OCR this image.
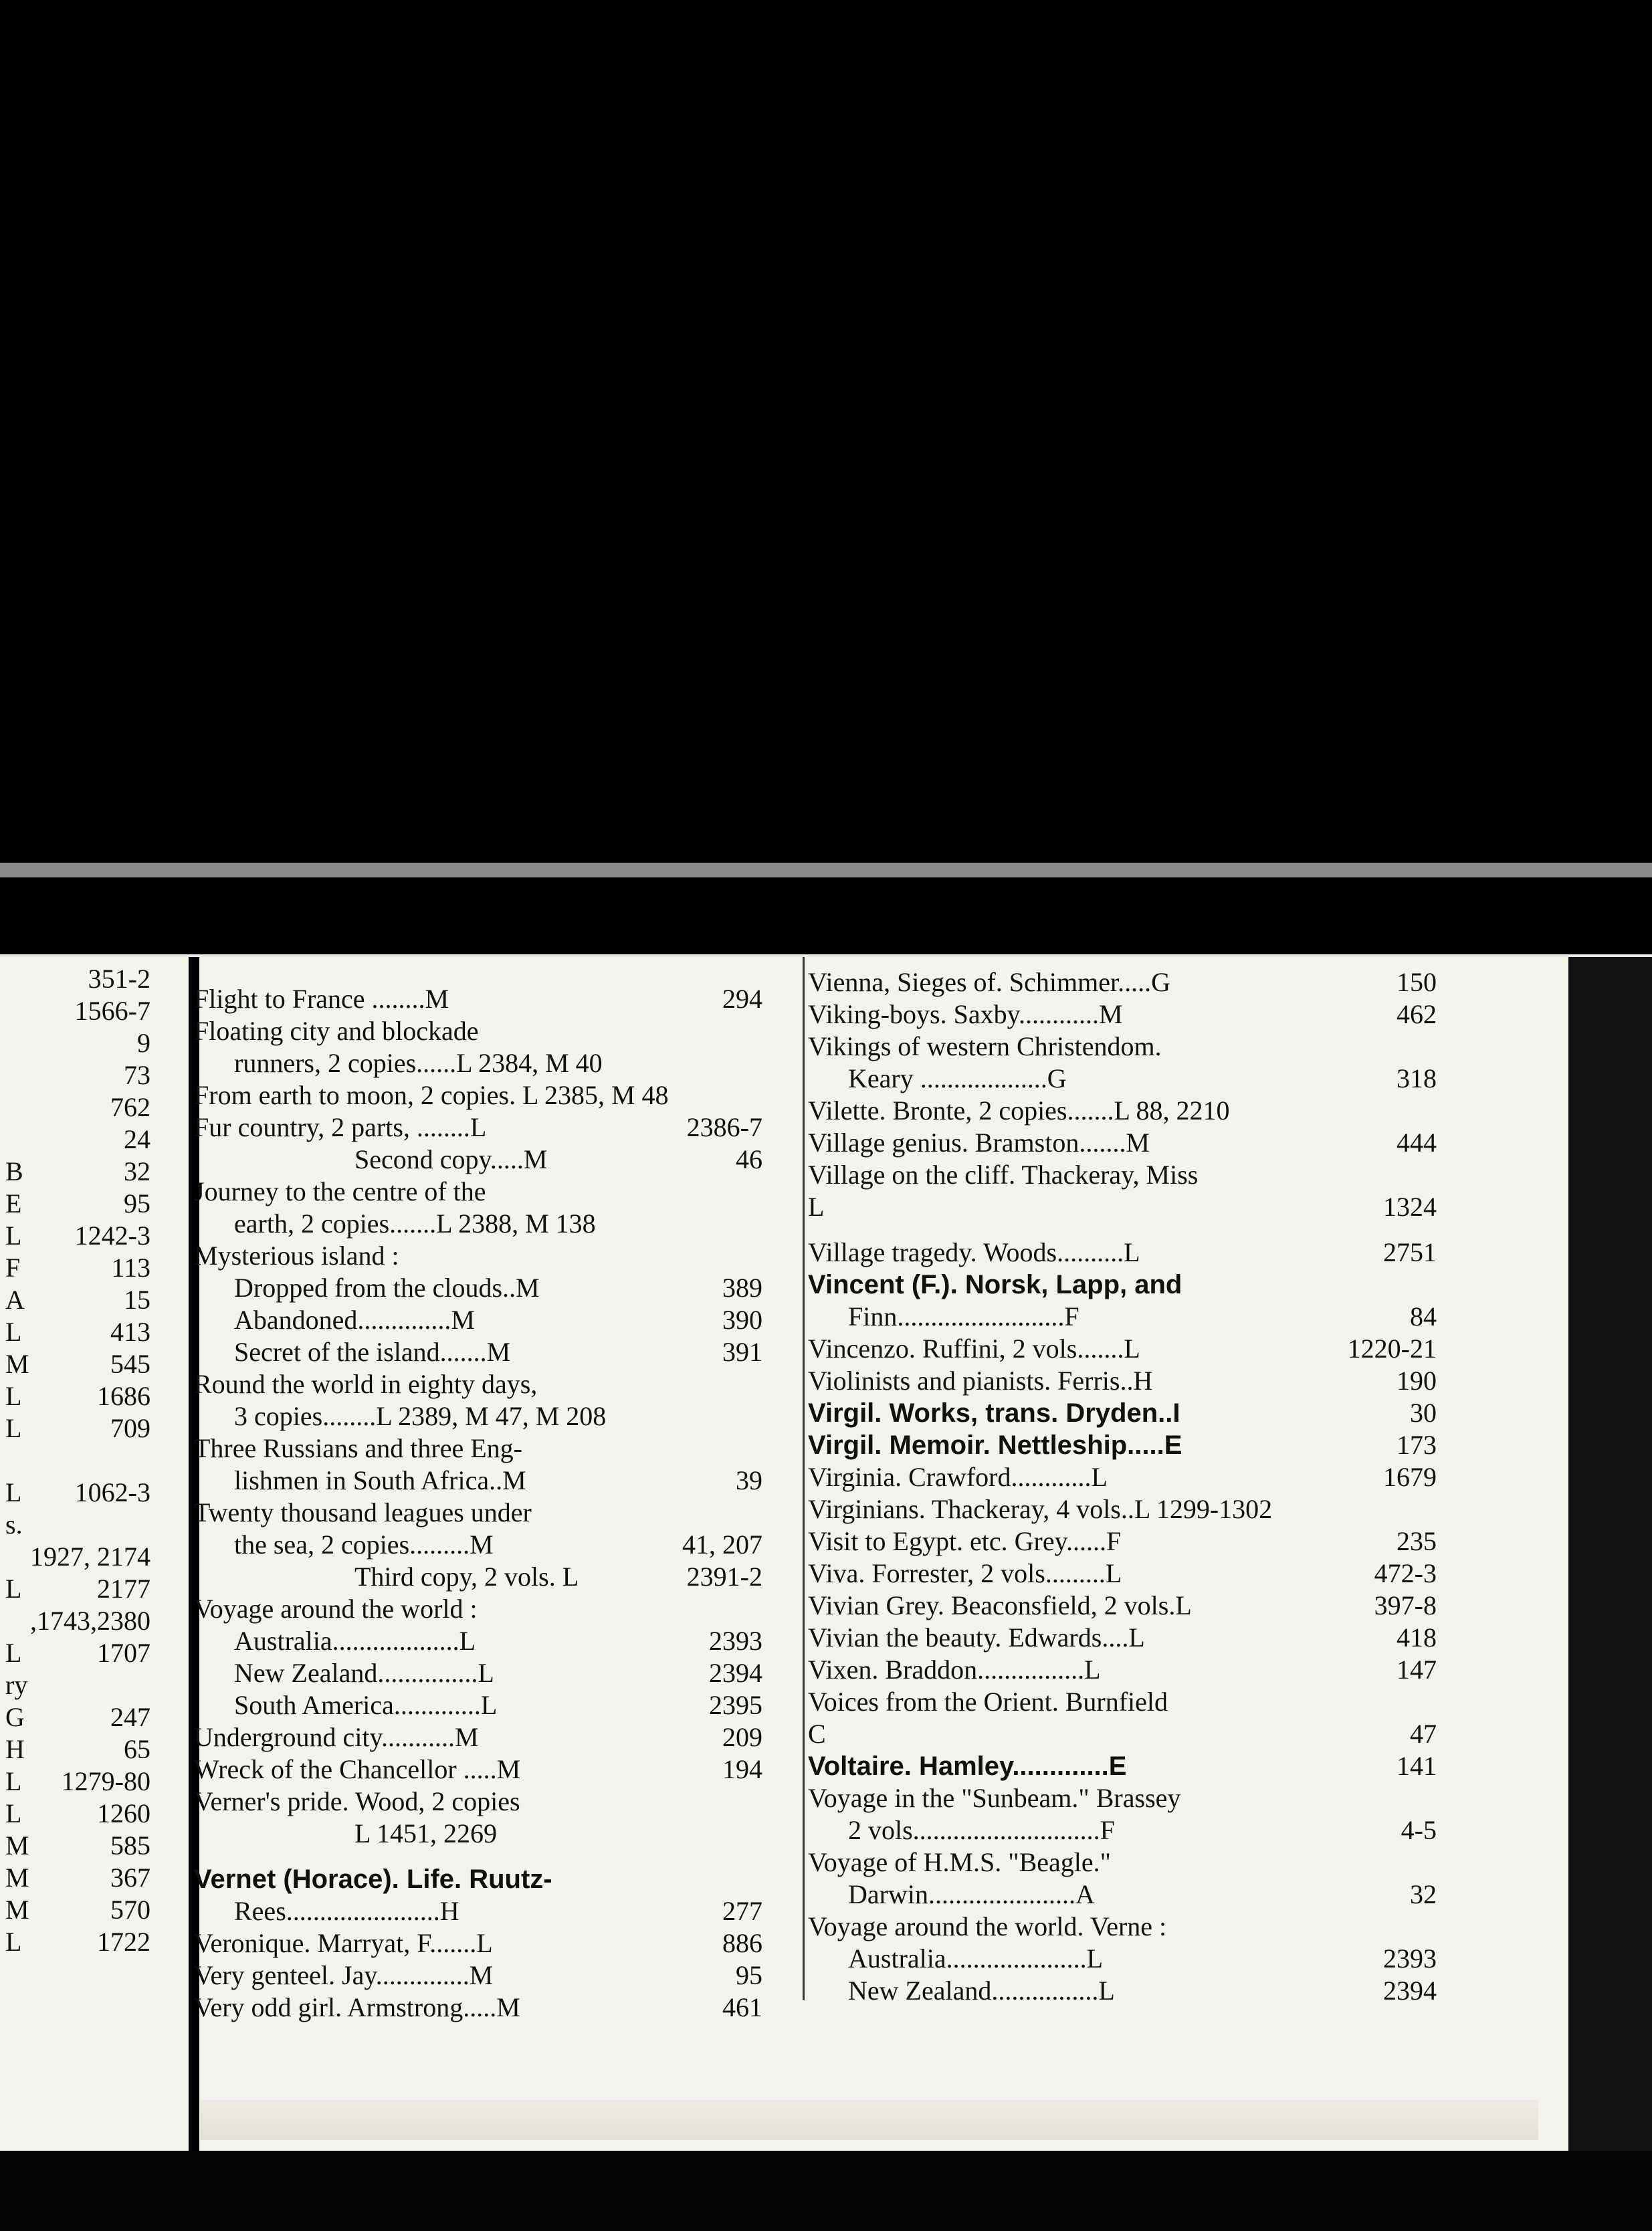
351-2
1566-7
9
73
762
24
B	32
E	95
L 1242-3
F	113
A	15
L	413
M	545
L	1686
L	709
L 1062-3
s.
1927, 2174
L	2177
,1743,2380
L	1707
ry
G	247
H	65
L 1279-80
L	1260
M	585
M	367
M	570
L	1722
Flight to France ........M	294
Floating city and blockade
runners, 2 copies......L 2384, M 40
From earth to moon, 2 copies. L 2385, M 48
Fur country, 2 parts, ........L	2386-7
Second copy.....M	46
Journey to the centre of the
earth, 2 copies.......L 2388, M 138
Mysterious island :
Dropped from the clouds..M	389
Abandoned..............M	390
Secret of the island.......M	391
Round the world in eighty days,
3 copies........L 2389, M 47, M 208
Three Russians and three Eng-
lishmen in South Africa..M	39
Twenty thousand leagues under
the sea, 2 copies.........M	41, 207
Third copy, 2 vols. L	2391-2
Voyage around the world :
Australia...................L	2393
New Zealand...............L	2394
South America.............L	2395
Underground city...........M	209
Wreck of the Chancellor .....M	194
Verner's pride. Wood, 2 copies
L 1451, 2269
Vernet (Horace). Life. Ruutz-
Rees.......................H	277
Veronique. Marryat, F.......L	886
Very genteel. Jay..............M	95
Very odd girl. Armstrong.....M	461
Vienna, Sieges of. Schimmer.....G	150
Viking-boys. Saxby............M	462
Vikings of western Christendom.
Keary ...................G	318
Vilette. Bronte, 2 copies.......L 88, 2210
Village genius. Bramston.......M	444
Village on the cliff. Thackeray, Miss
L	1324
Village tragedy. Woods..........L	2751
Vincent (F.). Norsk, Lapp, and
Finn.........................F	84
Vincenzo. Ruffini, 2 vols.......L	1220-21
Violinists and pianists. Ferris..H	190
Virgil. Works, trans. Dryden..I	30
Virgil. Memoir. Nettleship.....E	173
Virginia. Crawford............L	1679
Virginians. Thackeray, 4 vols..L 1299-1302
Visit to Egypt. etc. Grey......F	235
Viva. Forrester, 2 vols.........L	472-3
Vivian Grey. Beaconsfield, 2 vols.L	397-8
Vivian the beauty. Edwards....L	418
Vixen. Braddon................L	147
Voices from the Orient. Burnfield
C	47
Voltaire. Hamley.............E	141
Voyage in the "Sunbeam." Brassey
2 vols............................F	4-5
Voyage of H.M.S. "Beagle."
Darwin......................A	32
Voyage around the world. Verne :
Australia.....................L	2393
New Zealand................L	2394
